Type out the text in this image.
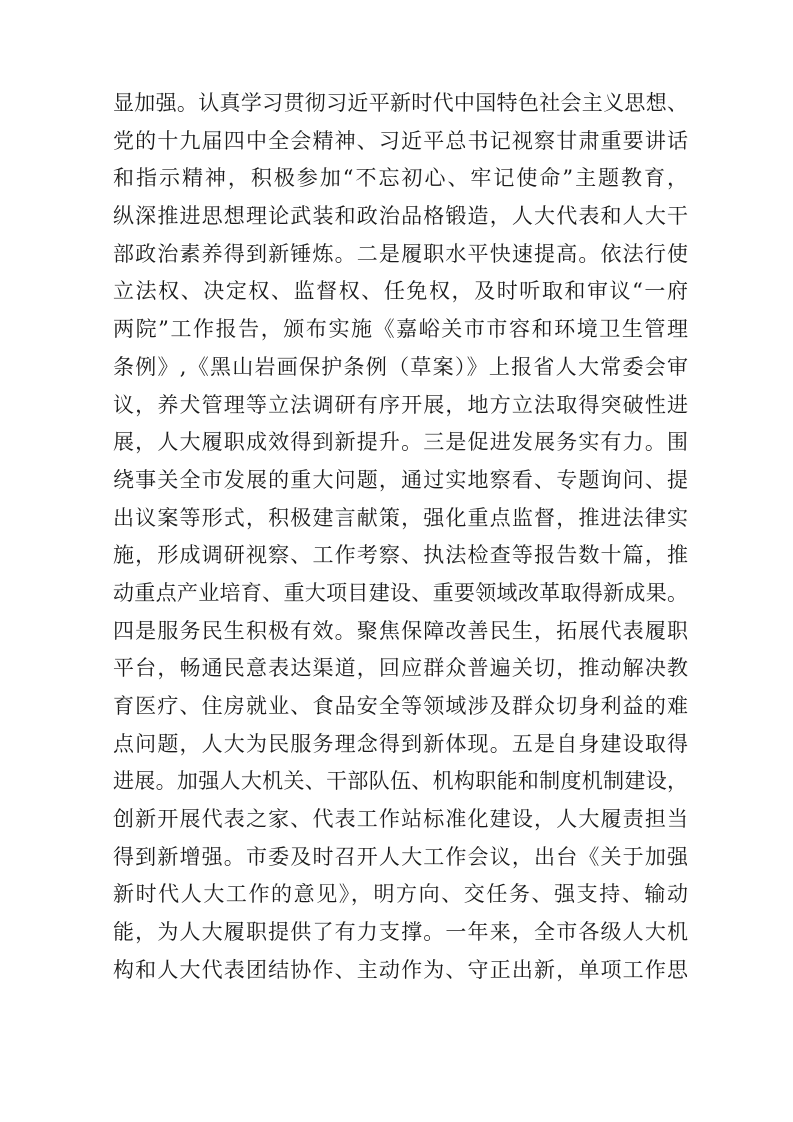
显加强。认真学习贯彻习近平新时代中国特色社会主义思想、
党的十九届四中全会精神、习近平总书记视察甘肃重要讲话
和指示精神，积极参加“不忘初心、牢记使命”主题教育，
纵深推进思想理论武装和政治品格锻造，人大代表和人大干
部政治素养得到新锤炼。二是履职水平快速提高。依法行使
立法权、决定权、监督权、任免权，及时听取和审议“一府
两院”工作报告，颁布实施《嘉峪关市市容和环境卫生管理
条例》,《黑山岩画保护条例（草案）》上报省人大常委会审
议，养犬管理等立法调研有序开展，地方立法取得突破性进
展，人大履职成效得到新提升。三是促进发展务实有力。围
绕事关全市发展的重大问题，通过实地察看、专题询问、提
出议案等形式，积极建言献策，强化重点监督，推进法律实
施，形成调研视察、工作考察、执法检查等报告数十篇，推
动重点产业培育、重大项目建设、重要领域改革取得新成果。
四是服务民生积极有效。聚焦保障改善民生，拓展代表履职
平台，畅通民意表达渠道，回应群众普遍关切，推动解决教
育医疗、住房就业、食品安全等领域涉及群众切身利益的难
点问题，人大为民服务理念得到新体现。五是自身建设取得
进展。加强人大机关、干部队伍、机构职能和制度机制建设，
创新开展代表之家、代表工作站标准化建设，人大履责担当
得到新增强。市委及时召开人大工作会议，出台《关于加强
新时代人大工作的意见》，明方向、交任务、强支持、输动
能，为人大履职提供了有力支撑。一年来，全市各级人大机
构和人大代表团结协作、主动作为、守正出新，单项工作思
